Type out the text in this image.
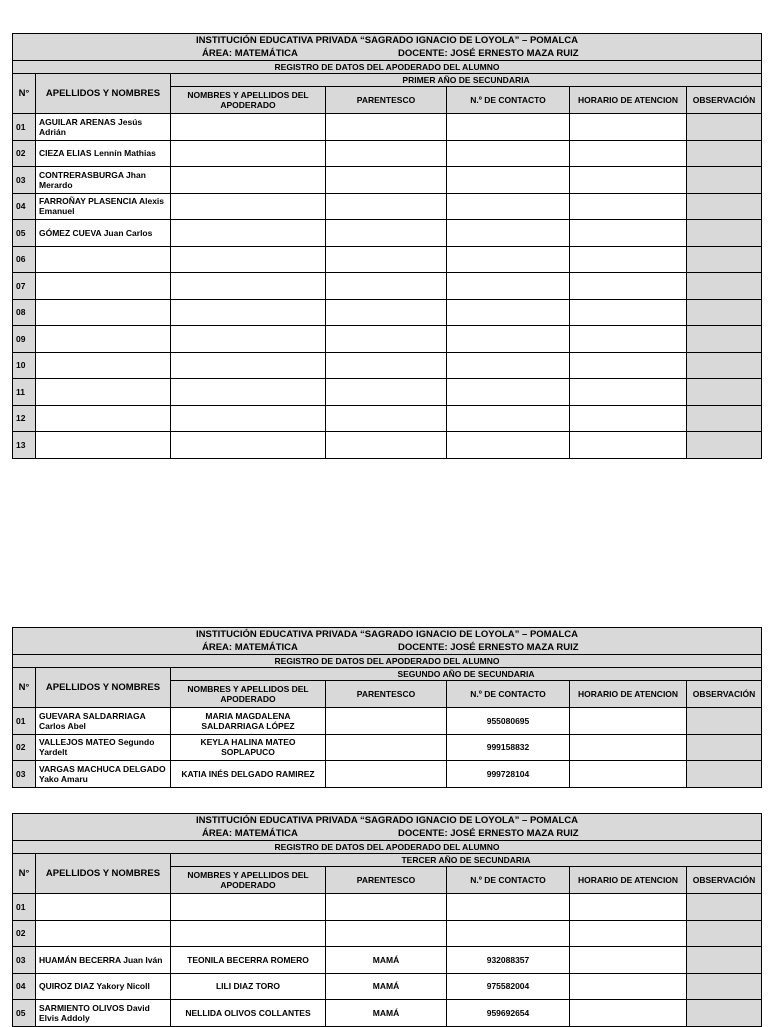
INSTITUCIÓN EDUCATIVA PRIVADA “SAGRADO IGNACIO DE LOYOLA” – POMALCA
ÁREA: MATEMÁTICA DOCENTE: JOSÉ ERNESTO MAZA RUIZ						

REGISTRO DE DATOS DEL APODERADO DEL ALUMNO						
N°	APELLIDOS Y NOMBRES	PRIMER AÑO DE SECUNDARIA				
		NOMBRES Y APELLIDOS DEL APODERADO	PARENTESCO	N.º DE CONTACTO	HORARIO DE ATENCION	OBSERVACIÓN
01	AGUILAR ARENAS Jesús Adrián					
02	CIEZA ELIAS Lennín Mathias					
03	CONTRERASBURGA Jhan Merardo					
04	FARROÑAY PLASENCIA Alexis Emanuel					
05	GÓMEZ CUEVA Juan Carlos					
06						
07						
08						
09						
10						
11						
12						
13						
INSTITUCIÓN EDUCATIVA PRIVADA “SAGRADO IGNACIO DE LOYOLA” – POMALCA
ÁREA: MATEMÁTICA DOCENTE: JOSÉ ERNESTO MAZA RUIZ						

REGISTRO DE DATOS DEL APODERADO DEL ALUMNO						
N°	APELLIDOS Y NOMBRES	SEGUNDO AÑO DE SECUNDARIA				
		NOMBRES Y APELLIDOS DEL APODERADO	PARENTESCO	N.º DE CONTACTO	HORARIO DE ATENCION	OBSERVACIÓN
01	GUEVARA SALDARRIAGA Carlos Abel	MARIA MAGDALENA SALDARRIAGA LÓPEZ		955080695		
02	VALLEJOS MATEO Segundo Yardelt	KEYLA HALINA MATEO SOPLAPUCO		999158832		
03	VARGAS MACHUCA DELGADO Yako Amaru	KATIA INÉS DELGADO RAMIREZ		999728104		
INSTITUCIÓN EDUCATIVA PRIVADA “SAGRADO IGNACIO DE LOYOLA” – POMALCA
ÁREA: MATEMÁTICA DOCENTE: JOSÉ ERNESTO MAZA RUIZ						

REGISTRO DE DATOS DEL APODERADO DEL ALUMNO						
N°	APELLIDOS Y NOMBRES	TERCER AÑO DE SECUNDARIA				
		NOMBRES Y APELLIDOS DEL APODERADO	PARENTESCO	N.º DE CONTACTO	HORARIO DE ATENCION	OBSERVACIÓN
01						
02						
03	HUAMÁN BECERRA Juan Iván	TEONILA BECERRA ROMERO	MAMÁ	932088357		
04	QUIROZ DIAZ Yakory Nicoll	LILI DIAZ TORO	MAMÁ	975582004		
05	SARMIENTO OLIVOS David Elvis Addoly	NELLIDA OLIVOS COLLANTES	MAMÁ	959692654		
